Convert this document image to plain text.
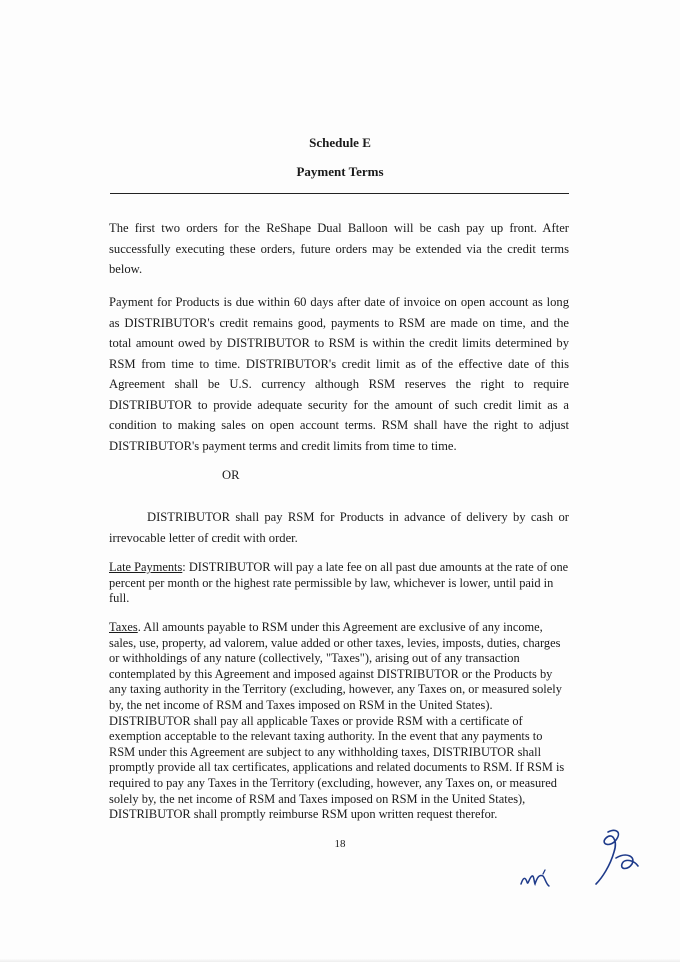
Schedule E
Payment Terms

The first two orders for the ReShape Dual Balloon will be cash pay up front. After successfully executing these orders, future orders may be extended via the credit terms below.

Payment for Products is due within 60 days after date of invoice on open account as long as DISTRIBUTOR's credit remains good, payments to RSM are made on time, and the total amount owed by DISTRIBUTOR to RSM is within the credit limits determined by RSM from time to time. DISTRIBUTOR's credit limit as of the effective date of this Agreement shall be U.S. currency although RSM reserves the right to require DISTRIBUTOR to provide adequate security for the amount of such credit limit as a condition to making sales on open account terms. RSM shall have the right to adjust DISTRIBUTOR's payment terms and credit limits from time to time.

OR

DISTRIBUTOR shall pay RSM for Products in advance of delivery by cash or irrevocable letter of credit with order.

Late Payments: DISTRIBUTOR will pay a late fee on all past due amounts at the rate of one percent per month or the highest rate permissible by law, whichever is lower, until paid in full.

Taxes. All amounts payable to RSM under this Agreement are exclusive of any income, sales, use, property, ad valorem, value added or other taxes, levies, imposts, duties, charges or withholdings of any nature (collectively, "Taxes"), arising out of any transaction contemplated by this Agreement and imposed against DISTRIBUTOR or the Products by any taxing authority in the Territory (excluding, however, any Taxes on, or measured solely by, the net income of RSM and Taxes imposed on RSM in the United States). DISTRIBUTOR shall pay all applicable Taxes or provide RSM with a certificate of exemption acceptable to the relevant taxing authority. In the event that any payments to RSM under this Agreement are subject to any withholding taxes, DISTRIBUTOR shall promptly provide all tax certificates, applications and related documents to RSM. If RSM is required to pay any Taxes in the Territory (excluding, however, any Taxes on, or measured solely by, the net income of RSM and Taxes imposed on RSM in the United States), DISTRIBUTOR shall promptly reimburse RSM upon written request therefor.

18
